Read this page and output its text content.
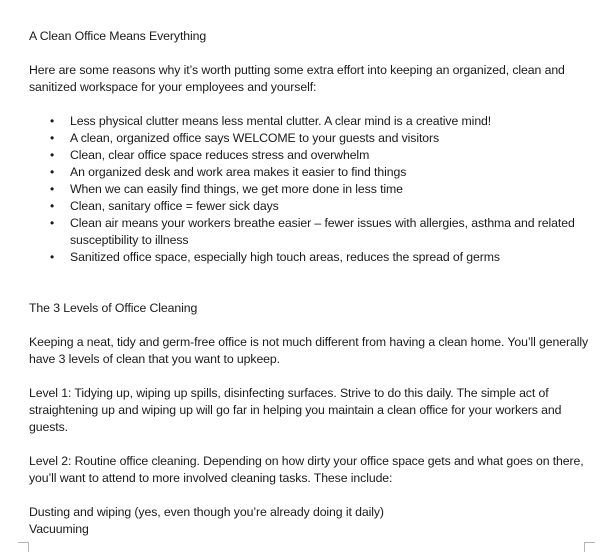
A Clean Office Means Everything

Here are some reasons why it’s worth putting some extra effort into keeping an organized, clean and sanitized workspace for your employees and yourself:

• Less physical clutter means less mental clutter. A clear mind is a creative mind!
• A clean, organized office says WELCOME to your guests and visitors
• Clean, clear office space reduces stress and overwhelm
• An organized desk and work area makes it easier to find things
• When we can easily find things, we get more done in less time
• Clean, sanitary office = fewer sick days
• Clean air means your workers breathe easier – fewer issues with allergies, asthma and related susceptibility to illness
• Sanitized office space, especially high touch areas, reduces the spread of germs

The 3 Levels of Office Cleaning

Keeping a neat, tidy and germ-free office is not much different from having a clean home. You’ll generally have 3 levels of clean that you want to upkeep.

Level 1: Tidying up, wiping up spills, disinfecting surfaces. Strive to do this daily. The simple act of straightening up and wiping up will go far in helping you maintain a clean office for your workers and guests.

Level 2: Routine office cleaning. Depending on how dirty your office space gets and what goes on there, you’ll want to attend to more involved cleaning tasks. These include:

Dusting and wiping (yes, even though you’re already doing it daily)

Vacuuming
